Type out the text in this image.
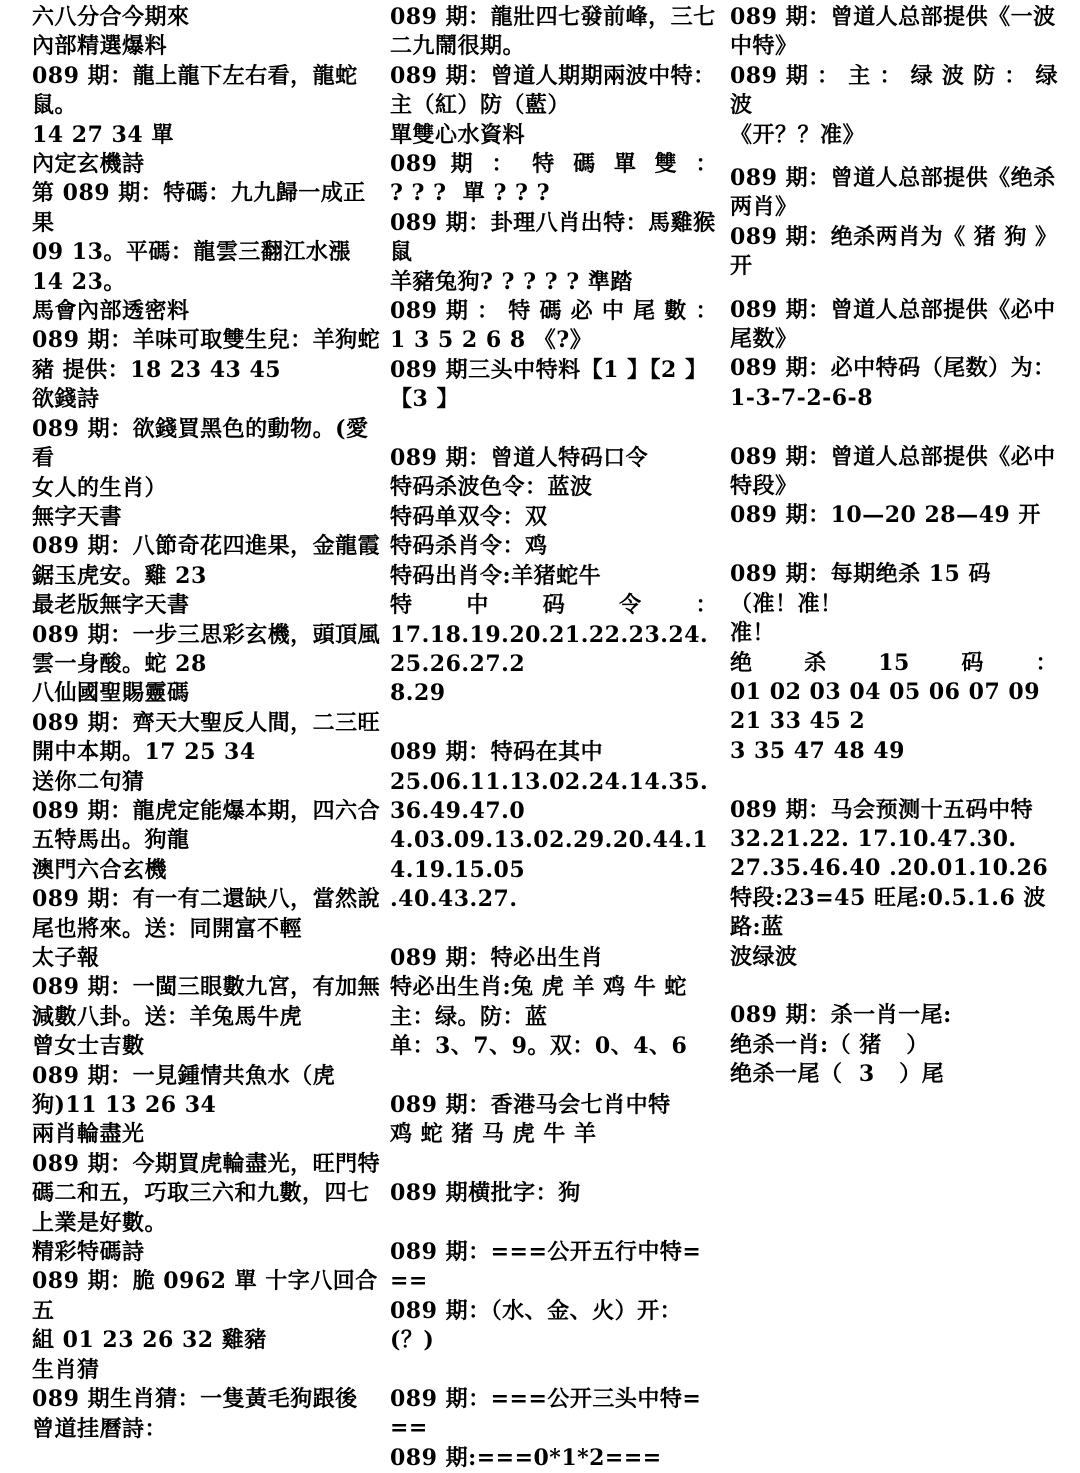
六八分合今期來
內部精選爆料
089 期：龍上龍下左右看，龍蛇鼠。
14 27 34 單
內定玄機詩
第 089 期：特碼：九九歸一成正果
09 13。平碼：龍雲三翻江水漲
14 23。
馬會內部透密料
089 期：羊味可取雙生兒：羊狗蛇
豬 提供：18 23 43 45
欲錢詩
089 期：欲錢買黑色的動物。(愛看
女人的生肖）
無字天書
089 期：八節奇花四進果，金龍霞
鋸玉虎安。雞 23
最老版無字天書
089 期：一步三思彩玄機，頭頂風
雲一身酸。蛇 28
八仙國聖賜靈碼
089 期：齊天大聖反人間，二三旺
開中本期。17 25 34
送你二句猜
089 期：龍虎定能爆本期，四六合
五特馬出。狗龍
澳門六合玄機
089 期：有一有二還缺八，當然說
尾也將來。送：同開富不輕
太子報
089 期：一閩三眼數九宮，有加無
減數八卦。送：羊兔馬牛虎
曾女士吉數
089 期：一見鍾情共魚水（虎
狗)11 13 26 34
兩肖輪盡光
089 期：今期買虎輪盡光，旺門特
碼二和五，巧取三六和九數，四七
上業是好數。
精彩特碼詩
089 期：脆 0962 單 十字八回合五
組 01 23 26 32 雞豬
生肖猜
089 期生肖猜：一隻黃毛狗跟後
曾道挂曆詩：
089 期：龍壯四七發前峰，三七
二九鬧很期。
089 期：曾道人期期兩波中特：
主（紅）防（藍）
單雙心水資料
089 期 ： 特 碼 單 雙 ：
? ? ?  單 ? ? ?
089 期：卦理八肖出特：馬雞猴鼠
羊豬兔狗? ? ? ? ? 準踏
089 期 ： 特 碼 必 中 尾 數 ：
1 3 5 2 6 8 《?》
089 期三头中特料【1 】【2 】【3 】
089 期：曾道人特码口令
特码杀波色令：蓝波
特码单双令：双
特码杀肖令：鸡
特码出肖令:羊猪蛇牛
特 中 码 令 ：
17.18.19.20.21.22.23.24.25.26.27.2
8.29
089 期：特码在其中
25.06.11.13.02.24.14.35.36.49.47.0
4.03.09.13.02.29.20.44.14.19.15.05
.40.43.27.
089 期：特必出生肖
特必出生肖:兔 虎 羊 鸡 牛 蛇
主：绿。防：蓝
单：3、7、9。双：0、4、6
089 期：香港马会七肖中特
鸡 蛇 猪 马 虎 牛 羊
089 期横批字：狗
089 期：===公开五行中特=
==
089 期：（水、金、火）开：(？)
089 期：===公开三头中特=
==
089 期:===0*1*2===
089 期：曾道人总部提供《一波
中特》
089 期 ： 主 ： 绿 波 防 ： 绿 波
《开？？准》
089 期：曾道人总部提供《绝杀
两肖》
089 期：绝杀两肖为《 猪 狗 》开
089 期：曾道人总部提供《必中
尾数》
089 期：必中特码（尾数）为：
1-3-7-2-6-8
089 期：曾道人总部提供《必中
特段》
089 期：10—20 28—49 开
089 期：每期绝杀 15 码（准！准！
准！
绝 杀 15 码 ：
01 02 03 04 05 06 07 09 21 33 45 2
3 35 47 48 49
089 期：马会预测十五码中特
32.21.22. 17.10.47.30.
27.35.46.40 .20.01.10.26
特段:23=45 旺尾:0.5.1.6 波路:蓝
波绿波
089 期：杀一肖一尾:
绝杀一肖:（ 猪   ）
绝杀一尾（  3   ）尾
